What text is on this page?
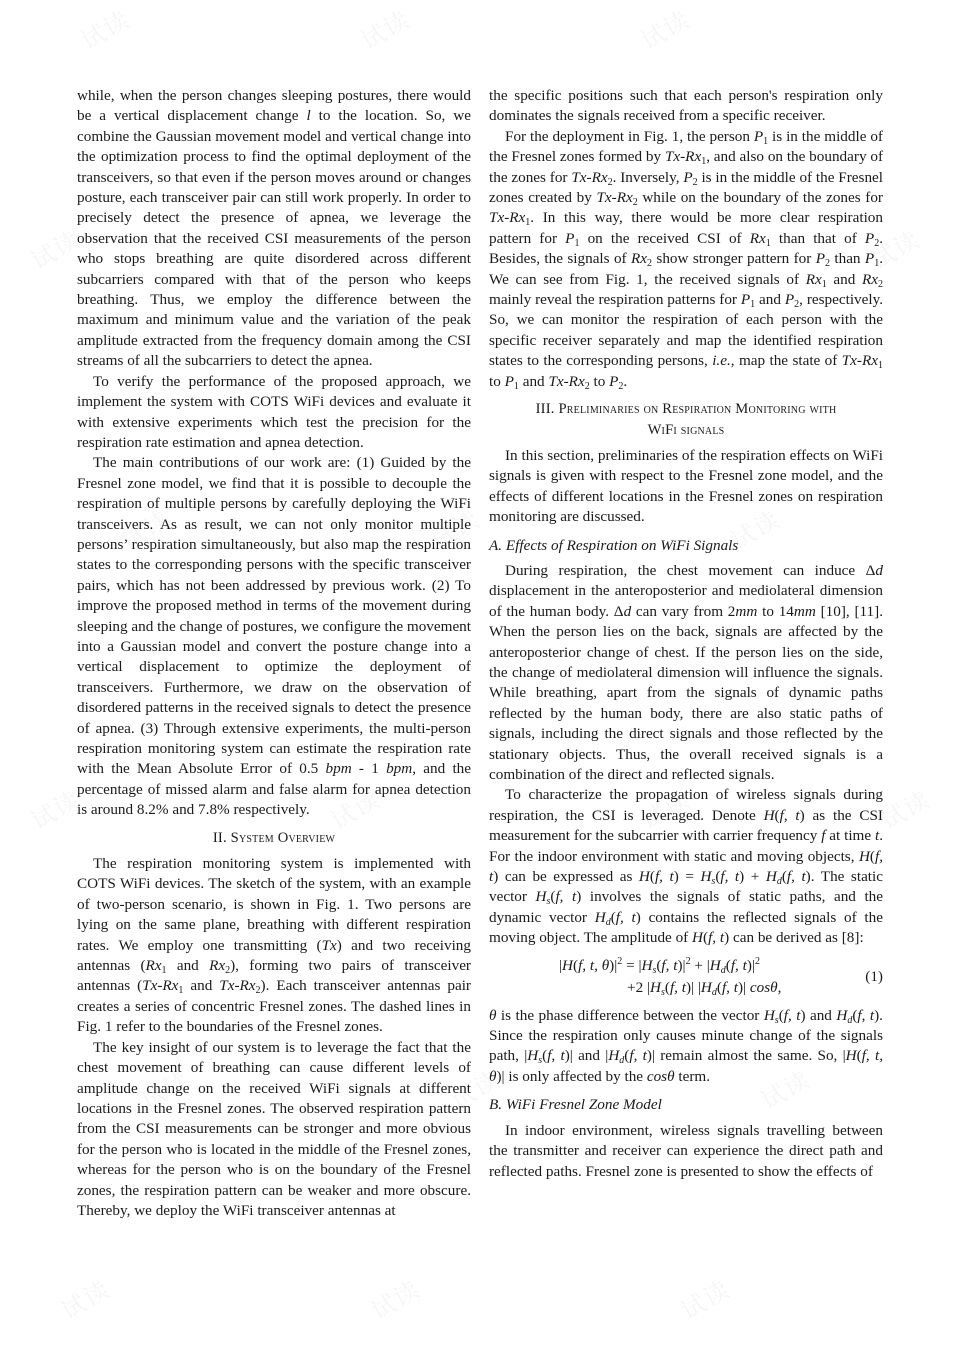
while, when the person changes sleeping postures, there would be a vertical displacement change l to the location. So, we combine the Gaussian movement model and vertical change into the optimization process to find the optimal deployment of the transceivers, so that even if the person moves around or changes posture, each transceiver pair can still work properly. In order to precisely detect the presence of apnea, we leverage the observation that the received CSI measurements of the person who stops breathing are quite disordered across different subcarriers compared with that of the person who keeps breathing. Thus, we employ the difference between the maximum and minimum value and the variation of the peak amplitude extracted from the frequency domain among the CSI streams of all the subcarriers to detect the apnea.

To verify the performance of the proposed approach, we implement the system with COTS WiFi devices and evaluate it with extensive experiments which test the precision for the respiration rate estimation and apnea detection.

The main contributions of our work are: (1) Guided by the Fresnel zone model, we find that it is possible to decouple the respiration of multiple persons by carefully deploying the WiFi transceivers. As as result, we can not only monitor multiple persons’ respiration simultaneously, but also map the respiration states to the corresponding persons with the specific transceiver pairs, which has not been addressed by previous work. (2) To improve the proposed method in terms of the movement during sleeping and the change of postures, we configure the movement into a Gaussian model and convert the posture change into a vertical displacement to optimize the deployment of transceivers. Furthermore, we draw on the observation of disordered patterns in the received signals to detect the presence of apnea. (3) Through extensive experiments, the multi-person respiration monitoring system can estimate the respiration rate with the Mean Absolute Error of 0.5 bpm - 1 bpm, and the percentage of missed alarm and false alarm for apnea detection is around 8.2% and 7.8% respectively.

II. System Overview

The respiration monitoring system is implemented with COTS WiFi devices. The sketch of the system, with an example of two-person scenario, is shown in Fig. 1. Two persons are lying on the same plane, breathing with different respiration rates. We employ one transmitting (Tx) and two receiving antennas ($Rx_1$ and $Rx_2$), forming two pairs of transceiver antennas ($Tx-Rx_1$ and $Tx-Rx_2$). Each transceiver antennas pair creates a series of concentric Fresnel zones. The dashed lines in Fig. 1 refer to the boundaries of the Fresnel zones.

The key insight of our system is to leverage the fact that the chest movement of breathing can cause different levels of amplitude change on the received WiFi signals at different locations in the Fresnel zones. The observed respiration pattern from the CSI measurements can be stronger and more obvious for the person who is located in the middle of the Fresnel zones, whereas for the person who is on the boundary of the Fresnel zones, the respiration pattern can be weaker and more obscure. Thereby, we deploy the WiFi transceiver antennas at

the specific positions such that each person's respiration only dominates the signals received from a specific receiver.

For the deployment in Fig. 1, the person $P_1$ is in the middle of the Fresnel zones formed by $Tx-Rx_1$, and also on the boundary of the zones for $Tx-Rx_2$. Inversely, $P_2$ is in the middle of the Fresnel zones created by $Tx-Rx_2$ while on the boundary of the zones for $Tx-Rx_1$. In this way, there would be more clear respiration pattern for $P_1$ on the received CSI of $Rx_1$ than that of $P_2$. Besides, the signals of $Rx_2$ show stronger pattern for $P_2$ than $P_1$. We can see from Fig. 1, the received signals of $Rx_1$ and $Rx_2$ mainly reveal the respiration patterns for $P_1$ and $P_2$, respectively. So, we can monitor the respiration of each person with the specific receiver separately and map the identified respiration states to the corresponding persons, i.e., map the state of $Tx-Rx_1$ to $P_1$ and $Tx-Rx_2$ to $P_2$.

III. Preliminaries on Respiration Monitoring with
WiFi signals

In this section, preliminaries of the respiration effects on WiFi signals is given with respect to the Fresnel zone model, and the effects of different locations in the Fresnel zones on respiration monitoring are discussed.

A. Effects of Respiration on WiFi Signals

During respiration, the chest movement can induce Δd displacement in the anteroposterior and mediolateral dimension of the human body. Δd can vary from 2mm to 14mm [10], [11]. When the person lies on the back, signals are affected by the anteroposterior change of chest. If the person lies on the side, the change of mediolateral dimension will influence the signals. While breathing, apart from the signals of dynamic paths reflected by the human body, there are also static paths of signals, including the direct signals and those reflected by the stationary objects. Thus, the overall received signals is a combination of the direct and reflected signals.

To characterize the propagation of wireless signals during respiration, the CSI is leveraged. Denote H(f, t) as the CSI measurement for the subcarrier with carrier frequency f at time t. For the indoor environment with static and moving objects, H(f, t) can be expressed as H(f, $t) = H_s(f$, $t) + H_d(f$, t). The static vector $H_s(f$, t) involves the signals of static paths, and the dynamic vector $H_d(f$, t) contains the reflected signals of the moving object. The amplitude of H(f, t) can be derived as [8]:

|H(f, t, $\theta)|^2 = |H_s(f$, $t)|^2 + |H_d(f$, $t)|^2$
+2 $|H_s(f$, t)| $|H_d(f$, t)| cosθ,
(1)

θ is the phase difference between the vector $H_s(f$, t) and $H_d(f$, t). Since the respiration only causes minute change of the signals path, $|H_s(f$, t)| and $|H_d(f$, t)| remain almost the same. So, |H(f, t, θ)| is only affected by the cosθ term.

B. WiFi Fresnel Zone Model

In indoor environment, wireless signals travelling between the transmitter and receiver can experience the direct path and reflected paths. Fresnel zone is presented to show the effects of
